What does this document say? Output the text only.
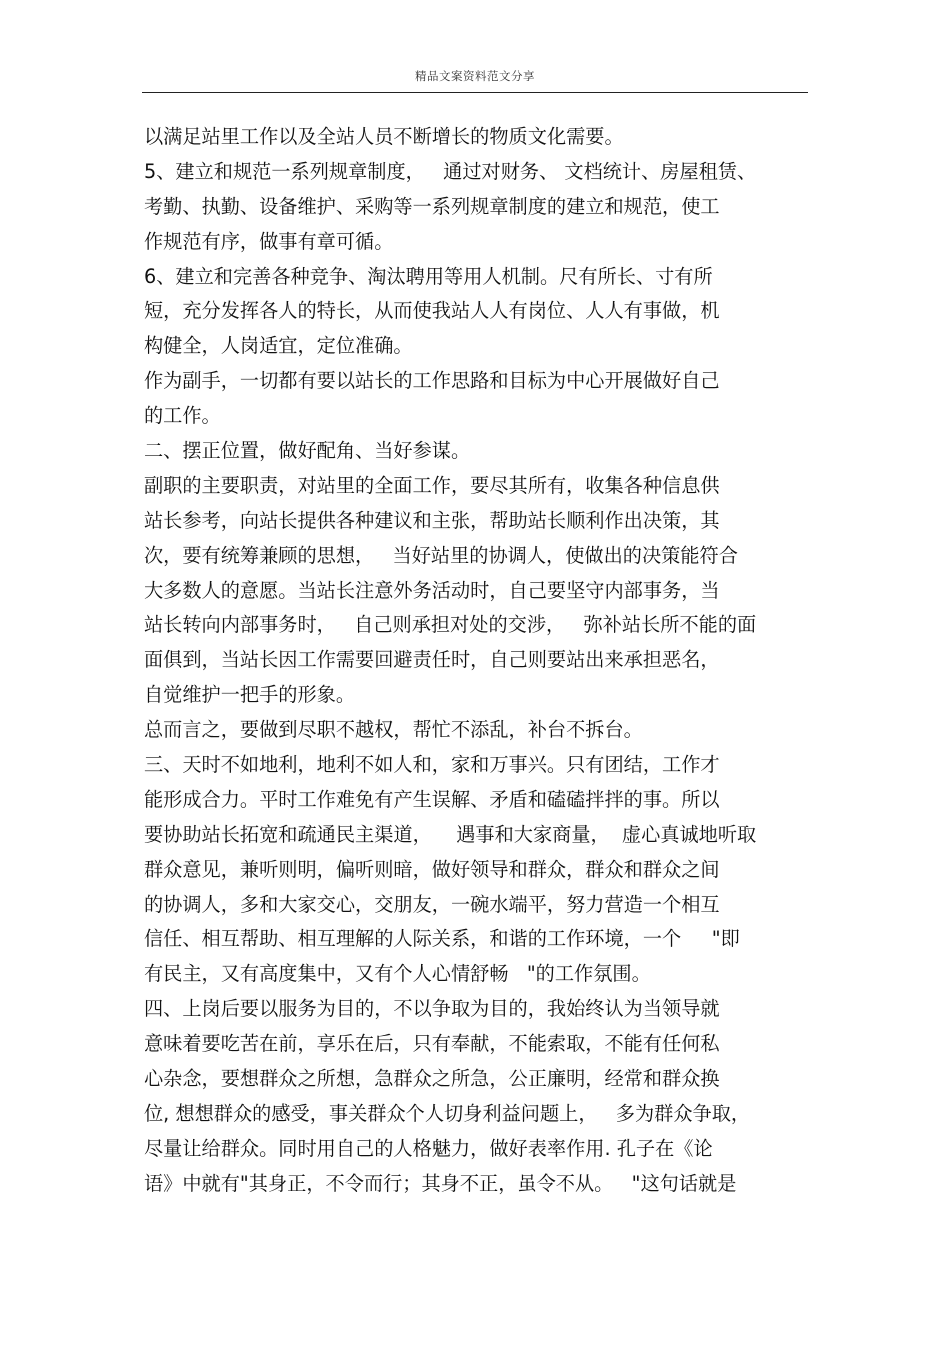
精品文案资料范文分享
以满足站里工作以及全站人员不断增长的物质文化需要。
5、建立和规范一系列规章制度，   通过对财务、 文档统计、房屋租赁、
考勤、执勤、设备维护、采购等一系列规章制度的建立和规范，使工
作规范有序，做事有章可循。
6、建立和完善各种竞争、淘汰聘用等用人机制。尺有所长、寸有所
短，充分发挥各人的特长，从而使我站人人有岗位、人人有事做，机
构健全，人岗适宜，定位准确。
作为副手，一切都有要以站长的工作思路和目标为中心开展做好自己
的工作。
二、摆正位置，做好配角、当好参谋。
副职的主要职责，对站里的全面工作，要尽其所有，收集各种信息供
站长参考，向站长提供各种建议和主张，帮助站长顺利作出决策，其
次，要有统筹兼顾的思想，   当好站里的协调人，使做出的决策能符合
大多数人的意愿。当站长注意外务活动时，自己要坚守内部事务，当
站长转向内部事务时，   自己则承担对处的交涉，   弥补站长所不能的面
面俱到，当站长因工作需要回避责任时，自己则要站出来承担恶名，
自觉维护一把手的形象。
总而言之，要做到尽职不越权，帮忙不添乱，补台不拆台。
三、天时不如地利，地利不如人和，家和万事兴。只有团结，工作才
能形成合力。平时工作难免有产生误解、矛盾和磕磕拌拌的事。所以
要协助站长拓宽和疏通民主渠道，    遇事和大家商量，  虚心真诚地听取
群众意见，兼听则明，偏听则暗，做好领导和群众，群众和群众之间
的协调人，多和大家交心，交朋友，一碗水端平，努力营造一个相互
信任、相互帮助、相互理解的人际关系，和谐的工作环境，一个     "即
有民主，又有高度集中，又有个人心情舒畅   "的工作氛围。
四、上岗后要以服务为目的，不以争取为目的，我始终认为当领导就
意味着要吃苦在前，享乐在后，只有奉献，不能索取，不能有任何私
心杂念，要想群众之所想，急群众之所急，公正廉明，经常和群众换
位, 想想群众的感受，事关群众个人切身利益问题上，   多为群众争取，
尽量让给群众。同时用自己的人格魅力，做好表率作用. 孔子在《论
语》中就有"其身正，不令而行；其身不正，虽令不从。   "这句话就是
